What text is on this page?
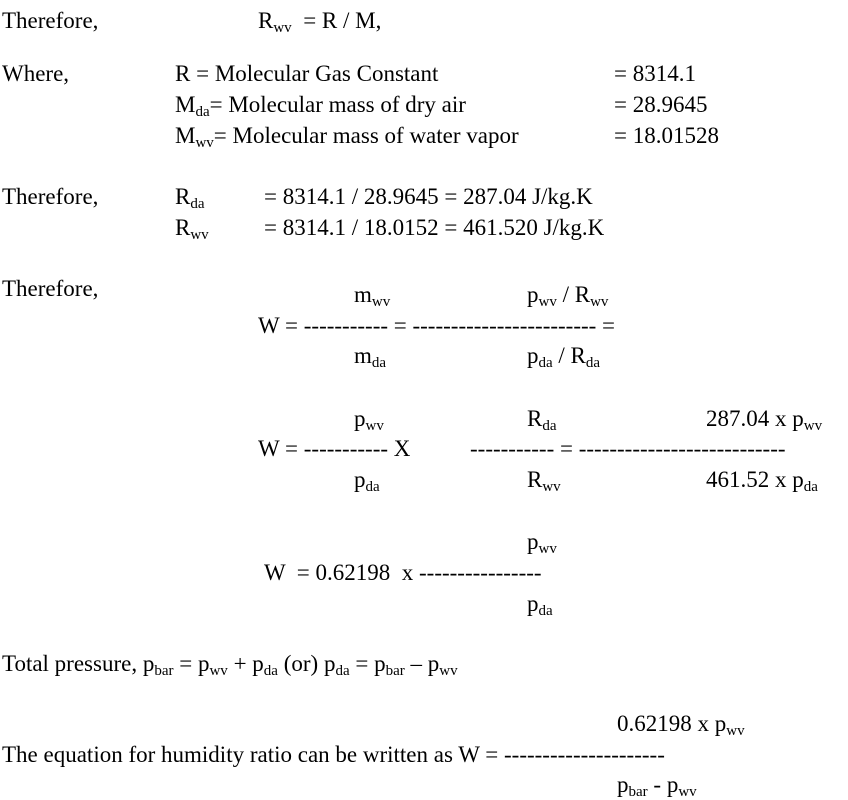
Therefore,	$R_{wv} = R / M$,
Where,	R = Molecular Gas Constant	= 8314.1
$M_{da}=$ Molecular mass of dry air	= 28.9645
$M_{wv}=$ Molecular mass of water vapor	= 18.01528
Therefore,	$R_{da}$	= 8314.1 / 28.9645 = 287.04 J/kg.K
$R_{wv} = 8314.1 / 18.0152 = 461.520$ J/kg.K
Therefore,	$m_{wv}$	$p_{wv} / R_{wv}$
W = ----------- = ------------------------ =
$m_{da}$	$p_{da} / R_{da}$
$p_{wv}$	$R_{da}$	287.04 x $p_{wv}$
W = ----------- X	----------- = ---------------------------
$p_{da}$	$R_{wv}$	461.52 x $p_{da}$
$p_{wv}$
W  = 0.62198  x ----------------
$p_{da}$
Total pressure, $p_{bar} = p_{wv} + p_{da}$ (or) $p_{da} = p_{bar} - p_{wv}$
0.62198 x $p_{wv}$
The equation for humidity ratio can be written as W = ---------------------
$p_{bar} - p_{wv}$
